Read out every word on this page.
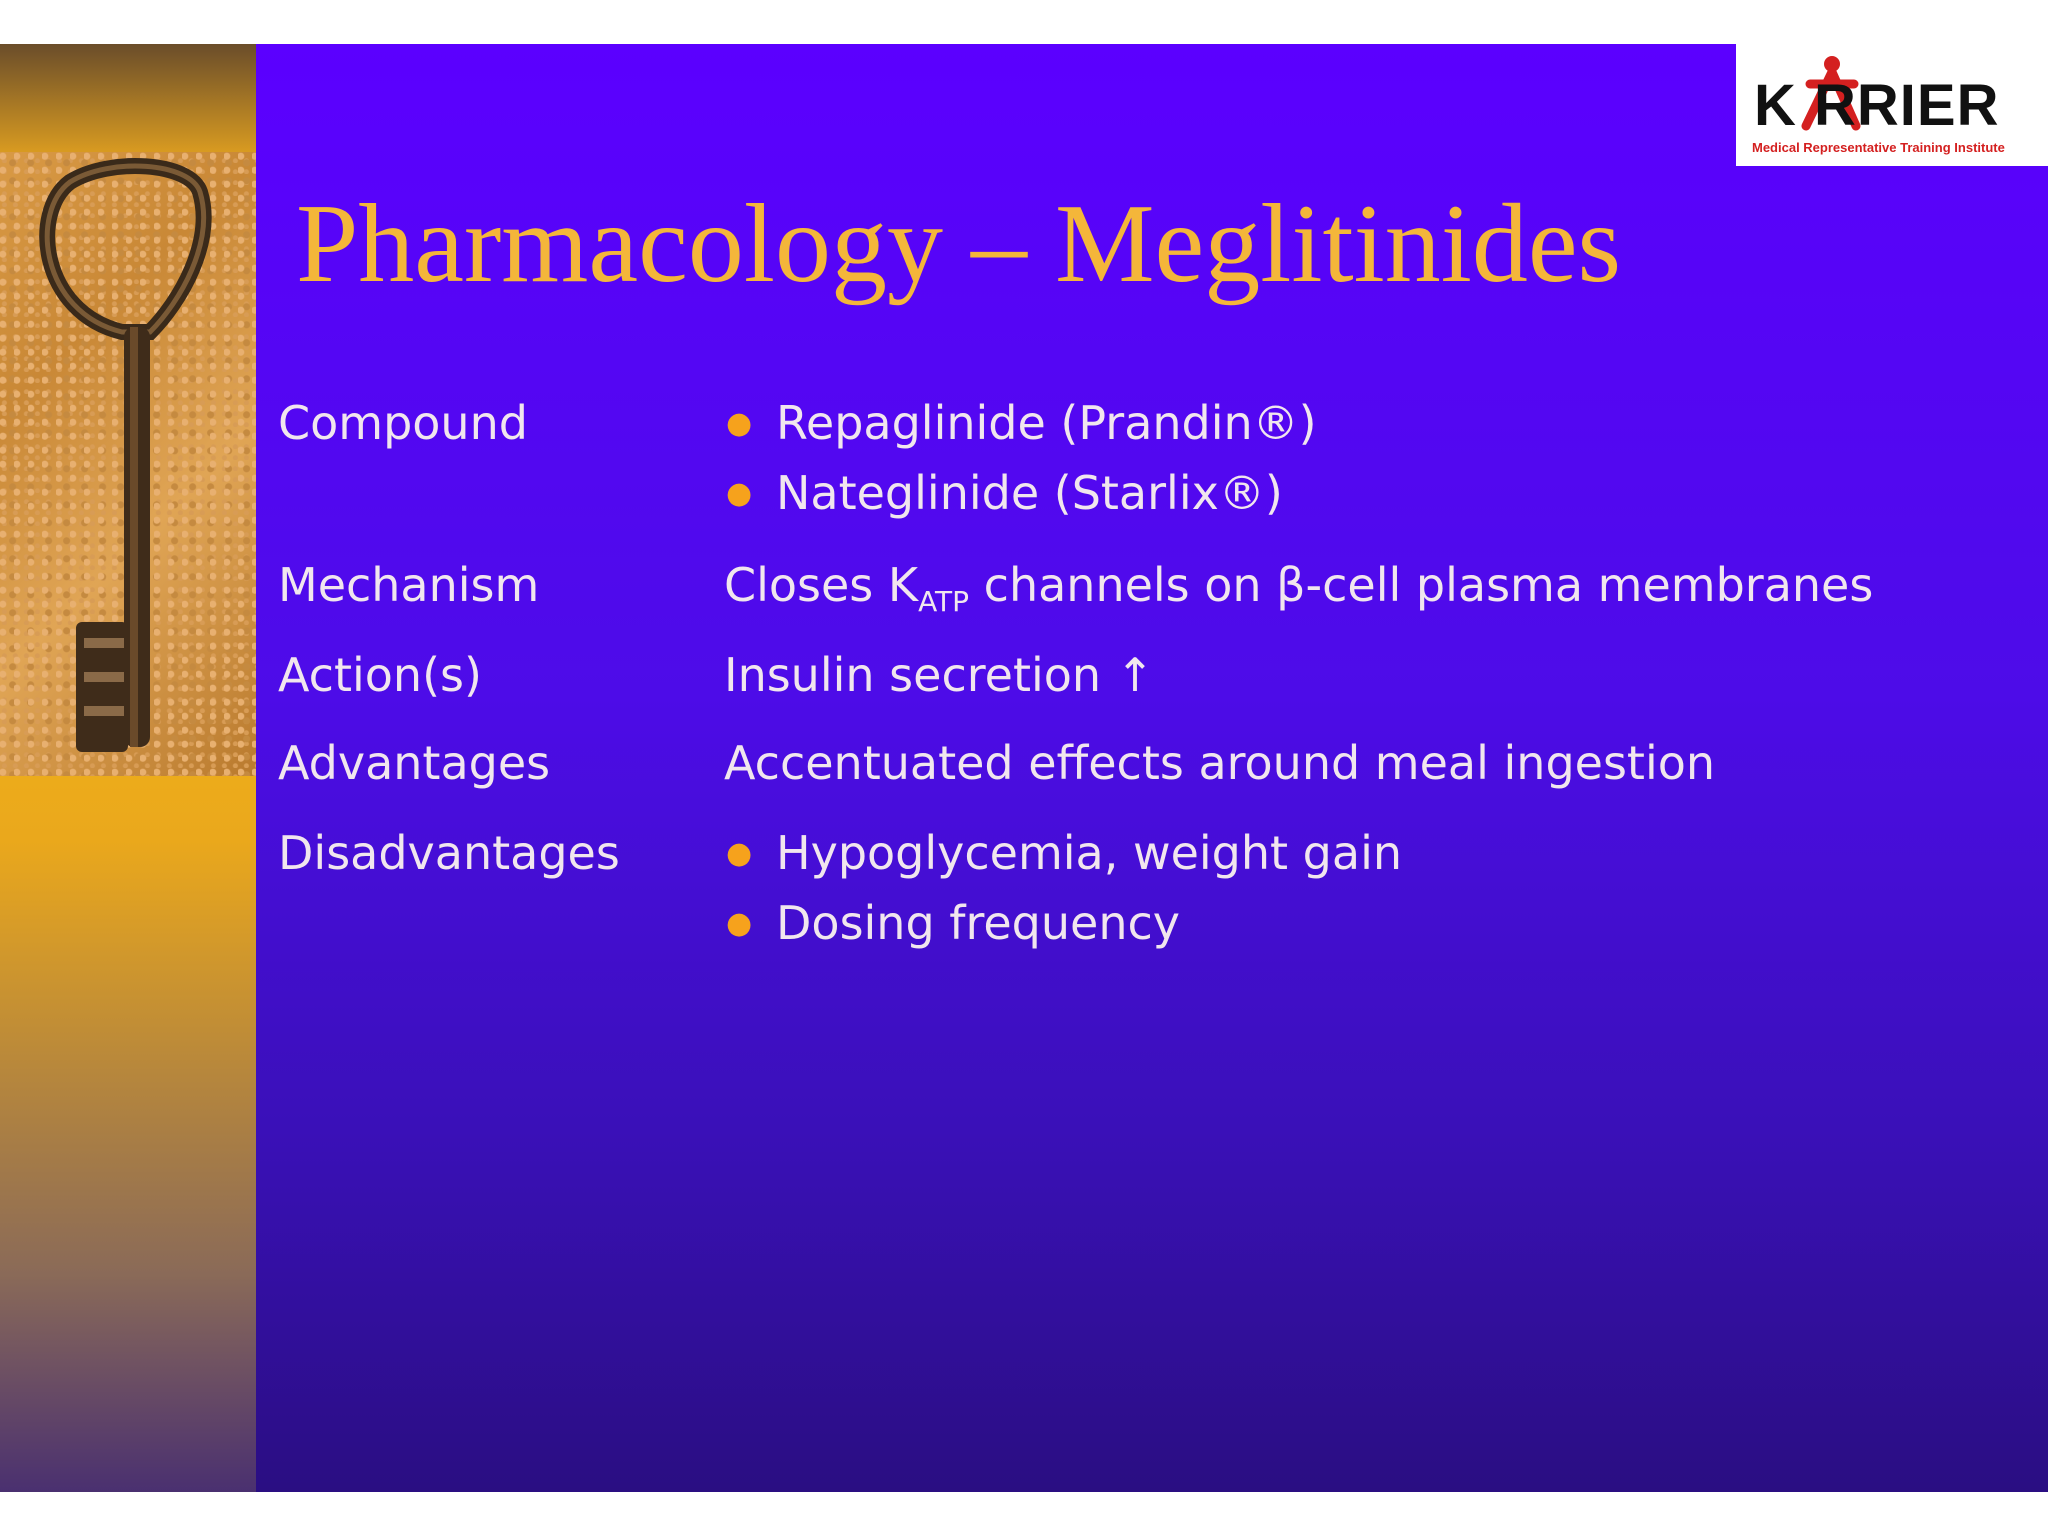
K RRIER
Medical Representative Training Institute
Pharmacology – Meglitinides
Compound	● Repaglinide (Prandin®)
● Nateglinide (Starlix®)
Mechanism	Closes $K_{ATP}$ channels on β-cell plasma membranes
Action(s)	Insulin secretion ↑
Advantages	Accentuated effects around meal ingestion
Disadvantages	● Hypoglycemia, weight gain
● Dosing frequency
